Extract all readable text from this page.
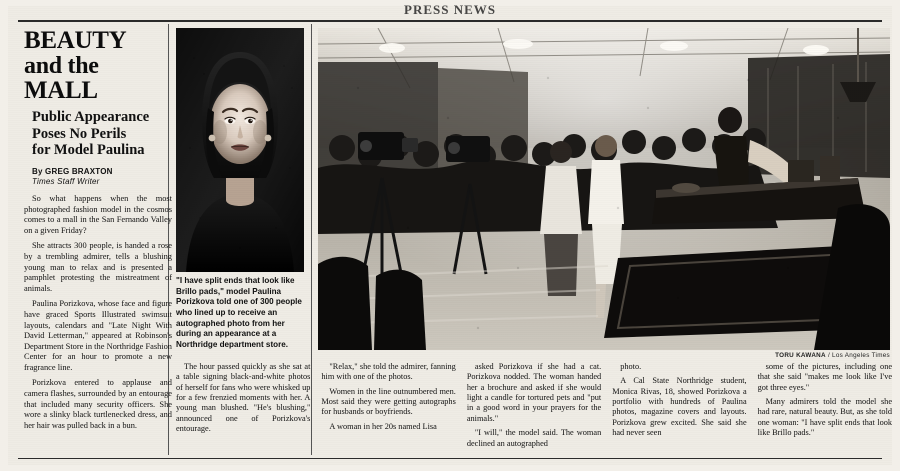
PRESS NEWS
BEAUTY
and the
MALL
Public Appearance
Poses No Perils
for Model Paulina
By GREG BRAXTON
Times Staff Writer

So what happens when the most photographed fashion model in the cosmos comes to a mall in the San Fernando Valley on a given Friday?

She attracts 300 people, is handed a rose by a trembling admirer, tells a blushing young man to relax and is presented a pamphlet protesting the mistreatment of animals.

Paulina Porizkova, whose face and figure have graced Sports Illustrated swimsuit layouts, calendars and "Late Night With David Letterman," appeared at Robinson's Department Store in the Northridge Fashion Center for an hour to promote a new fragrance line.

Porizkova entered to applause and camera flashes, surrounded by an entourage that included many security officers. She wore a slinky black turtlenecked dress, and her hair was pulled back in a bun.

"I have split ends that look like Brillo pads," model Paulina Porizkova told one of 300 people who lined up to receive an autographed photo from her during an appearance at a Northridge department store.
TORU KAWANA / Los Angeles Times

The hour passed quickly as she sat at a table signing black-and-white photos of herself for fans who were whisked up for a few frenzied moments with her. A young man blushed. "He's blushing," announced one of Porizkova's entourage.

"Relax," she told the admirer, fanning him with one of the photos.

Women in the line outnumbered men. Most said they were getting autographs for husbands or boyfriends.

A woman in her 20s named Lisa

asked Porizkova if she had a cat. Porizkova nodded. The woman handed her a brochure and asked if she would light a candle for tortured pets and "put in a good word in your prayers for the animals."

"I will," the model said. The woman declined an autographed

photo.

A Cal State Northridge student, Monica Rivas, 18, showed Porizkova a portfolio with hundreds of Paulina photos, magazine covers and layouts. Porizkova grew excited. She said she had never seen

some of the pictures, including one that she said "makes me look like I've got three eyes."

Many admirers told the model she had rare, natural beauty. But, as she told one woman: "I have split ends that look like Brillo pads."
